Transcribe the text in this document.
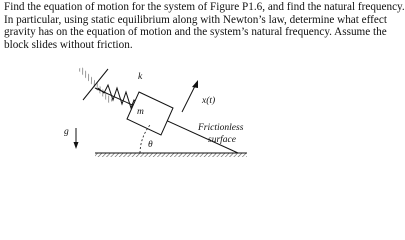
Find the equation of motion for the system of Figure P1.6, and find the natural frequency.
In particular, using static equilibrium along with Newton’s law, determine what effect
gravity has on the equation of motion and the system’s natural frequency. Assume the
block slides without friction.
k
m
x(t)
g
θ
Frictionless
surface
